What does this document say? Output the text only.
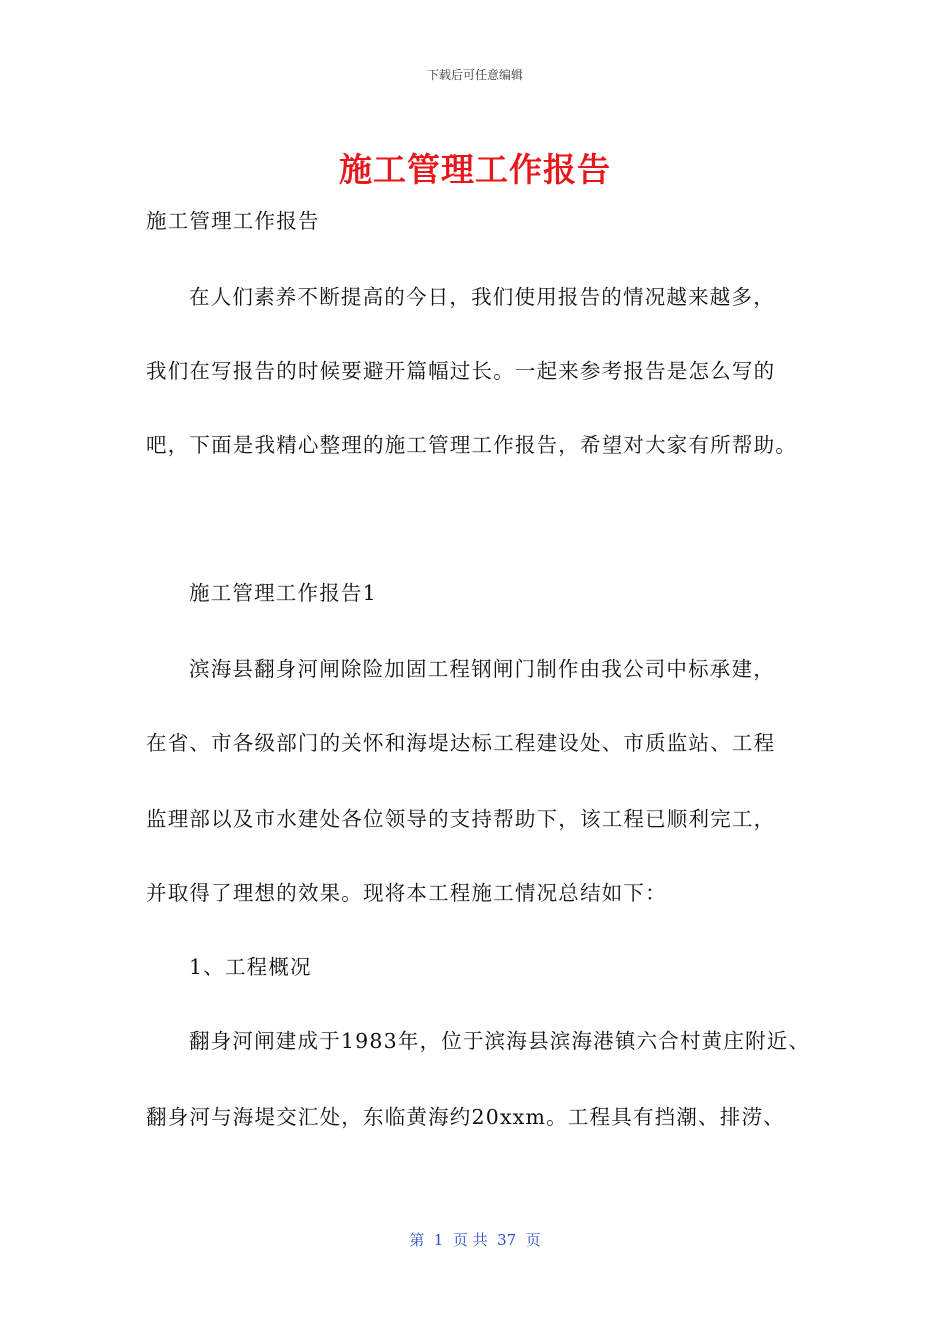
下载后可任意编辑
施工管理工作报告
施工管理工作报告
在人们素养不断提高的今日，我们使用报告的情况越来越多，
我们在写报告的时候要避开篇幅过长。一起来参考报告是怎么写的
吧，下面是我精心整理的施工管理工作报告，希望对大家有所帮助。
施工管理工作报告1
滨海县翻身河闸除险加固工程钢闸门制作由我公司中标承建，
在省、市各级部门的关怀和海堤达标工程建设处、市质监站、工程
监理部以及市水建处各位领导的支持帮助下，该工程已顺利完工，
并取得了理想的效果。现将本工程施工情况总结如下：
1、工程概况
翻身河闸建成于1983年，位于滨海县滨海港镇六合村黄庄附近、
翻身河与海堤交汇处，东临黄海约20xxm。工程具有挡潮、排涝、
第  1  页 共  37  页
